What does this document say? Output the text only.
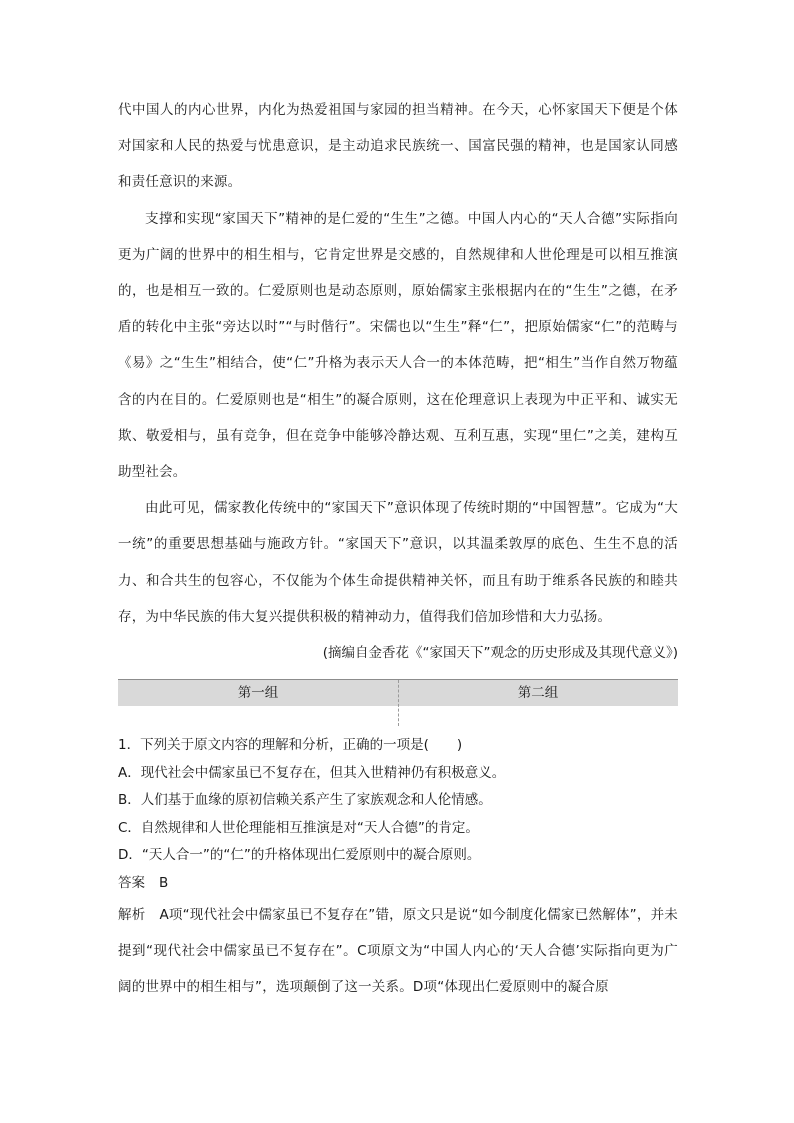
代中国人的内心世界，内化为热爱祖国与家园的担当精神。在今天，心怀家国天下便是个体对国家和人民的热爱与忧患意识，是主动追求民族统一、国富民强的精神，也是国家认同感和责任意识的来源。

支撑和实现“家国天下”精神的是仁爱的“生生”之德。中国人内心的“天人合德”实际指向更为广阔的世界中的相生相与，它肯定世界是交感的，自然规律和人世伦理是可以相互推演的，也是相互一致的。仁爱原则也是动态原则，原始儒家主张根据内在的“生生”之德，在矛盾的转化中主张“旁达以时”“与时偕行”。宋儒也以“生生”释“仁”，把原始儒家“仁”的范畴与《易》之“生生”相结合，使“仁”升格为表示天人合一的本体范畴，把“相生”当作自然万物蕴含的内在目的。仁爱原则也是“相生”的凝合原则，这在伦理意识上表现为中正平和、诚实无欺、敬爱相与，虽有竞争，但在竞争中能够冷静达观、互利互惠，实现“里仁”之美，建构互助型社会。

由此可见，儒家教化传统中的“家国天下”意识体现了传统时期的“中国智慧”。它成为“大一统”的重要思想基础与施政方针。“家国天下”意识，以其温柔敦厚的底色、生生不息的活力、和合共生的包容心，不仅能为个体生命提供精神关怀，而且有助于维系各民族的和睦共存，为中华民族的伟大复兴提供积极的精神动力，值得我们倍加珍惜和大力弘扬。

(摘编自金香花《“家国天下”观念的历史形成及其现代意义》)

第一组	第二组

1．下列关于原文内容的理解和分析，正确的一项是( )

A．现代社会中儒家虽已不复存在，但其入世精神仍有积极意义。

B．人们基于血缘的原初信赖关系产生了家族观念和人伦情感。

C．自然规律和人世伦理能相互推演是对“天人合德”的肯定。

D．“天人合一”的“仁”的升格体现出仁爱原则中的凝合原则。

答案 B

解析 A项“现代社会中儒家虽已不复存在”错，原文只是说“如今制度化儒家已然解体”，并未提到“现代社会中儒家虽已不复存在”。C项原文为“中国人内心的‘天人合德’实际指向更为广阔的世界中的相生相与”，选项颠倒了这一关系。D项“体现出仁爱原则中的凝合原
